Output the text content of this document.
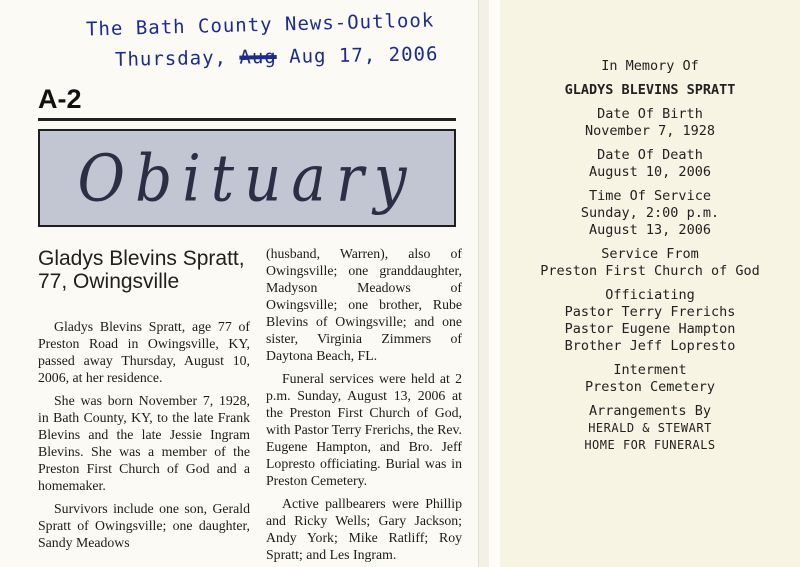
The Bath County News-Outlook
Thursday, Aug Aug 17, 2006
A-2
Obituary
Gladys Blevins Spratt, 77, Owingsville

Gladys Blevins Spratt, age 77 of Preston Road in Owingsville, KY, passed away Thursday, August 10, 2006, at her residence.

She was born November 7, 1928, in Bath County, KY, to the late Frank Blevins and the late Jessie Ingram Blevins. She was a member of the Preston First Church of God and a homemaker.

Survivors include one son, Gerald Spratt of Owingsville; one daughter, Sandy Meadows

(husband, Warren), also of Owingsville; one granddaughter, Madyson Meadows of Owingsville; one brother, Rube Blevins of Owingsville; and one sister, Virginia Zimmers of Daytona Beach, FL.

Funeral services were held at 2 p.m. Sunday, August 13, 2006 at the Preston First Church of God, with Pastor Terry Frerichs, the Rev. Eugene Hampton, and Bro. Jeff Lopresto officiating. Burial was in Preston Cemetery.

Active pallbearers were Phillip and Ricky Wells; Gary Jackson; Andy York; Mike Ratliff; Roy Spratt; and Les Ingram.

In Memory Of
GLADYS BLEVINS SPRATT
Date Of Birth
November 7, 1928
Date Of Death
August 10, 2006
Time Of Service
Sunday, 2:00 p.m.
August 13, 2006
Service From
Preston First Church of God
Officiating
Pastor Terry Frerichs
Pastor Eugene Hampton
Brother Jeff Lopresto
Interment
Preston Cemetery
Arrangements By
HERALD & STEWART
HOME FOR FUNERALS
